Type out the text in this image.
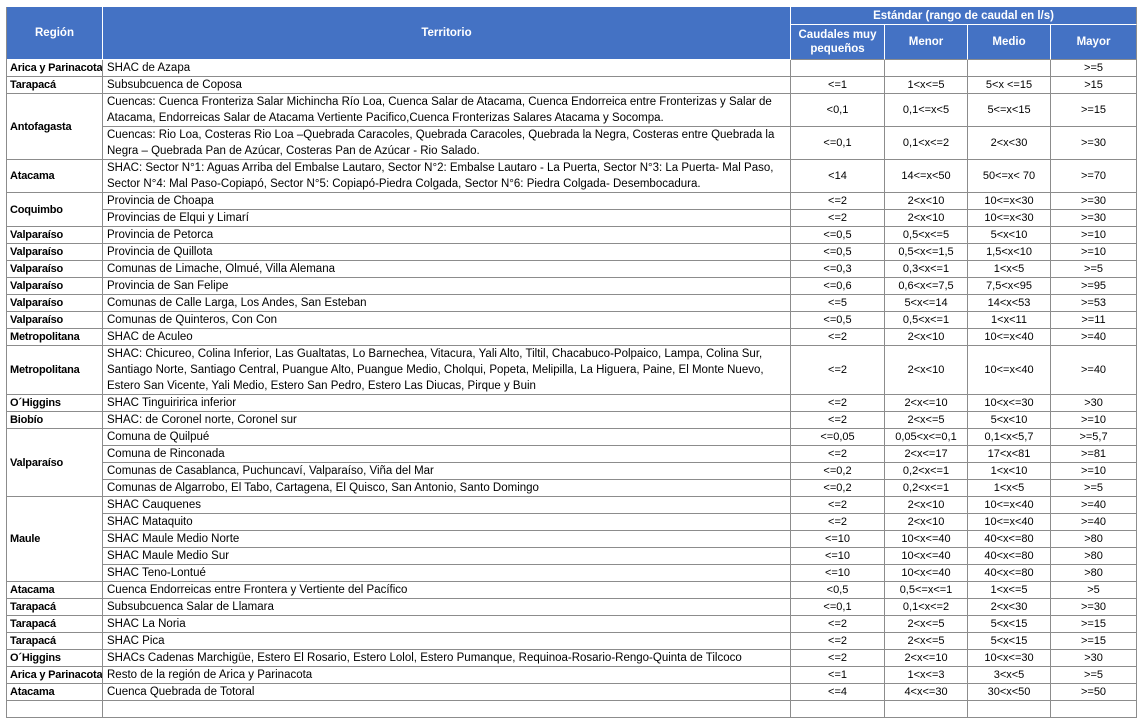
Región	Territorio	Estándar (rango de caudal en l/s)			
		Caudales muy pequeños	Menor	Medio	Mayor
Arica y Parinacota	SHAC de Azapa				>=5
Tarapacá	Subsubcuenca de Coposa	<=1	1<x<=5	5<x <=15	>15
Antofagasta	Cuencas: Cuenca Fronteriza Salar Michincha Río Loa, Cuenca Salar de Atacama, Cuenca Endorreica entre Fronterizas y Salar de Atacama, Endorreicas Salar de Atacama Vertiente Pacifico,Cuenca Fronterizas Salares Atacama y Socompa.	<0,1	0,1<=x<5	5<=x<15	>=15
	Cuencas: Rio Loa, Costeras Rio Loa –Quebrada Caracoles, Quebrada Caracoles, Quebrada la Negra, Costeras entre Quebrada la Negra – Quebrada Pan de Azúcar, Costeras Pan de Azúcar - Rio Salado.	<=0,1	0,1<x<=2	2<x<30	>=30
Atacama	SHAC: Sector N°1: Aguas Arriba del Embalse Lautaro, Sector N°2: Embalse Lautaro - La Puerta, Sector N°3: La Puerta- Mal Paso, Sector N°4: Mal Paso-Copiapó, Sector N°5: Copiapó-Piedra Colgada, Sector N°6: Piedra Colgada- Desembocadura.	<14	14<=x<50	50<=x< 70	>=70
Coquimbo	Provincia de Choapa	<=2	2<x<10	10<=x<30	>=30
	Provincias de Elqui y Limarí	<=2	2<x<10	10<=x<30	>=30
Valparaíso	Provincia de Petorca	<=0,5	0,5<x<=5	5<x<10	>=10
Valparaíso	Provincia de Quillota	<=0,5	0,5<x<=1,5	1,5<x<10	>=10
Valparaíso	Comunas de Limache, Olmué, Villa Alemana	<=0,3	0,3<x<=1	1<x<5	>=5
Valparaíso	Provincia de San Felipe	<=0,6	0,6<x<=7,5	7,5<x<95	>=95
Valparaíso	Comunas de Calle Larga, Los Andes, San Esteban	<=5	5<x<=14	14<x<53	>=53
Valparaíso	Comunas de Quinteros, Con Con	<=0,5	0,5<x<=1	1<x<11	>=11
Metropolitana	SHAC de Aculeo	<=2	2<x<10	10<=x<40	>=40
Metropolitana	SHAC: Chicureo, Colina Inferior, Las Gualtatas, Lo Barnechea, Vitacura, Yali Alto, Tiltil, Chacabuco-Polpaico, Lampa, Colina Sur, Santiago Norte, Santiago Central, Puangue Alto, Puangue Medio, Cholqui, Popeta, Melipilla, La Higuera, Paine, El Monte Nuevo, Estero San Vicente, Yali Medio, Estero San Pedro, Estero Las Diucas, Pirque y Buin	<=2	2<x<10	10<=x<40	>=40
O´Higgins	SHAC Tinguiririca inferior	<=2	2<x<=10	10<x<=30	>30
Biobío	SHAC: de Coronel norte, Coronel sur	<=2	2<x<=5	5<x<10	>=10
Valparaíso	Comuna de Quilpué	<=0,05	0,05<x<=0,1	0,1<x<5,7	>=5,7
	Comuna de Rinconada	<=2	2<x<=17	17<x<81	>=81
	Comunas de Casablanca, Puchuncaví, Valparaíso, Viña del Mar	<=0,2	0,2<x<=1	1<x<10	>=10
	Comunas de Algarrobo, El Tabo, Cartagena, El Quisco, San Antonio, Santo Domingo	<=0,2	0,2<x<=1	1<x<5	>=5
Maule	SHAC Cauquenes	<=2	2<x<10	10<=x<40	>=40
	SHAC Mataquito	<=2	2<x<10	10<=x<40	>=40
	SHAC Maule Medio Norte	<=10	10<x<=40	40<x<=80	>80
	SHAC Maule Medio Sur	<=10	10<x<=40	40<x<=80	>80
	SHAC Teno-Lontué	<=10	10<x<=40	40<x<=80	>80
Atacama	Cuenca Endorreicas entre Frontera y Vertiente del Pacífico	<0,5	0,5<=x<=1	1<x<=5	>5
Tarapacá	Subsubcuenca Salar de Llamara	<=0,1	0,1<x<=2	2<x<30	>=30
Tarapacá	SHAC La Noria	<=2	2<x<=5	5<x<15	>=15
Tarapacá	SHAC Pica	<=2	2<x<=5	5<x<15	>=15
O´Higgins	SHACs Cadenas Marchigüe, Estero El Rosario, Estero Lolol, Estero Pumanque, Requinoa-Rosario-Rengo-Quinta de Tilcoco	<=2	2<x<=10	10<x<=30	>30
Arica y Parinacota	Resto de la región de Arica y Parinacota	<=1	1<x<=3	3<x<5	>=5
Atacama	Cuenca Quebrada de Totoral	<=4	4<x<=30	30<x<50	>=50
